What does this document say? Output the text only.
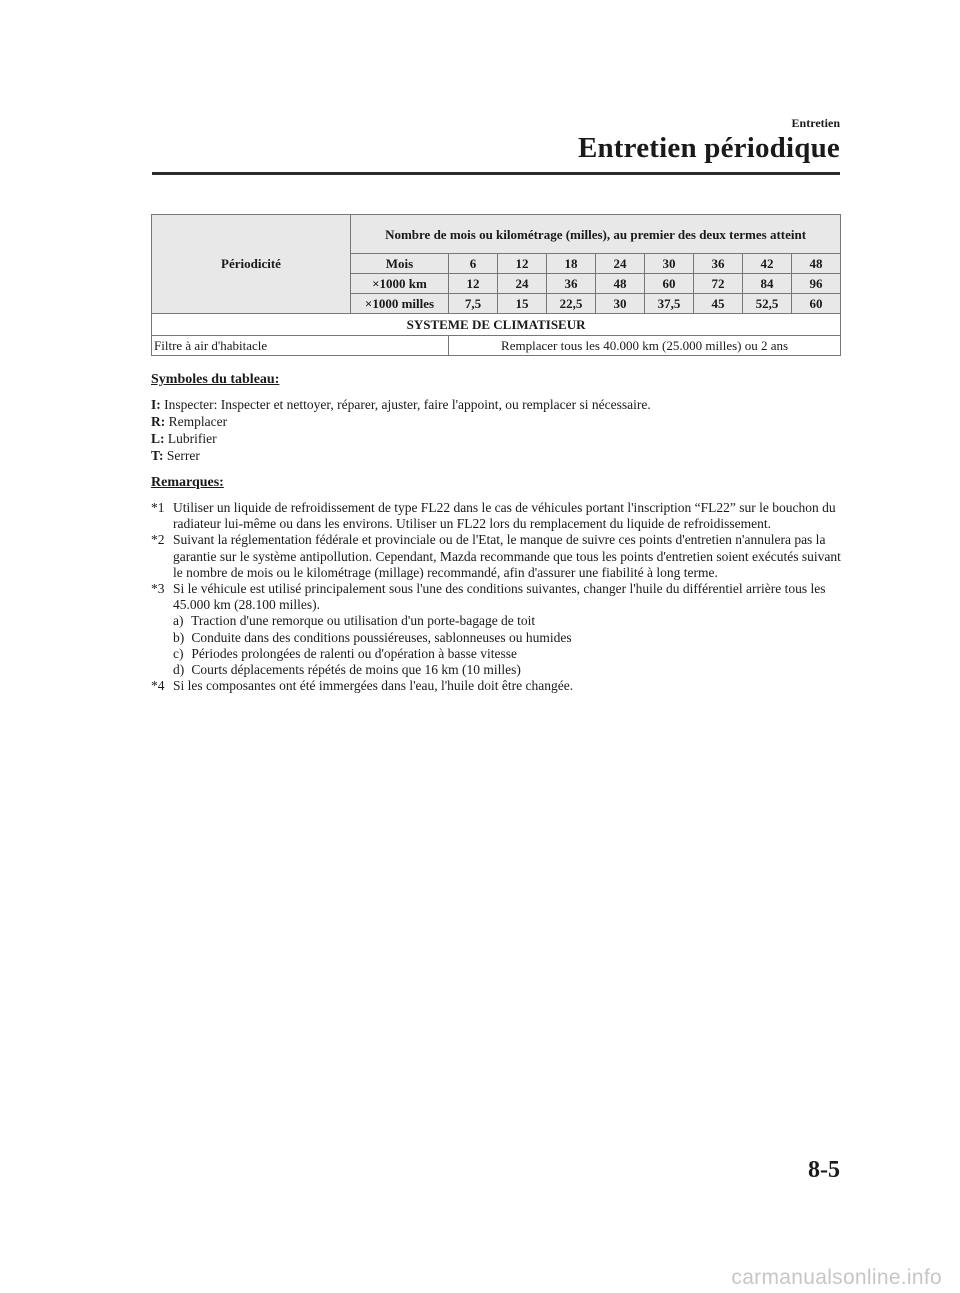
Entretien
Entretien périodique
Périodicité	Nombre de mois ou kilométrage (milles), au premier des deux termes atteint								
	Mois	6	12	18	24	30	36	42	48
	×1000 km	12	24	36	48	60	72	84	96
	×1000 milles	7,5	15	22,5	30	37,5	45	52,5	60
SYSTEME DE CLIMATISEUR									
Filtre à air d'habitacle		Remplacer tous les 40.000 km (25.000 milles) ou 2 ans							
Symboles du tableau:
I: Inspecter: Inspecter et nettoyer, réparer, ajuster, faire l'appoint, ou remplacer si nécessaire.
R: Remplacer
L: Lubrifier
T: Serrer
Remarques:
*1 Utiliser un liquide de refroidissement de type FL22 dans le cas de véhicules portant l'inscription “FL22” sur le bouchon du radiateur lui-même ou dans les environs. Utiliser un FL22 lors du remplacement du liquide de refroidissement.
*2 Suivant la réglementation fédérale et provinciale ou de l'Etat, le manque de suivre ces points d'entretien n'annulera pas la garantie sur le système antipollution. Cependant, Mazda recommande que tous les points d'entretien soient exécutés suivant le nombre de mois ou le kilométrage (millage) recommandé, afin d'assurer une fiabilité à long terme.
*3 Si le véhicule est utilisé principalement sous l'une des conditions suivantes, changer l'huile du différentiel arrière tous les 45.000 km (28.100 milles).
a) Traction d'une remorque ou utilisation d'un porte-bagage de toit
b) Conduite dans des conditions poussiéreuses, sablonneuses ou humides
c) Périodes prolongées de ralenti ou d'opération à basse vitesse
d) Courts déplacements répétés de moins que 16 km (10 milles)
*4 Si les composantes ont été immergées dans l'eau, l'huile doit être changée.
8-5
carmanualsonline.info
